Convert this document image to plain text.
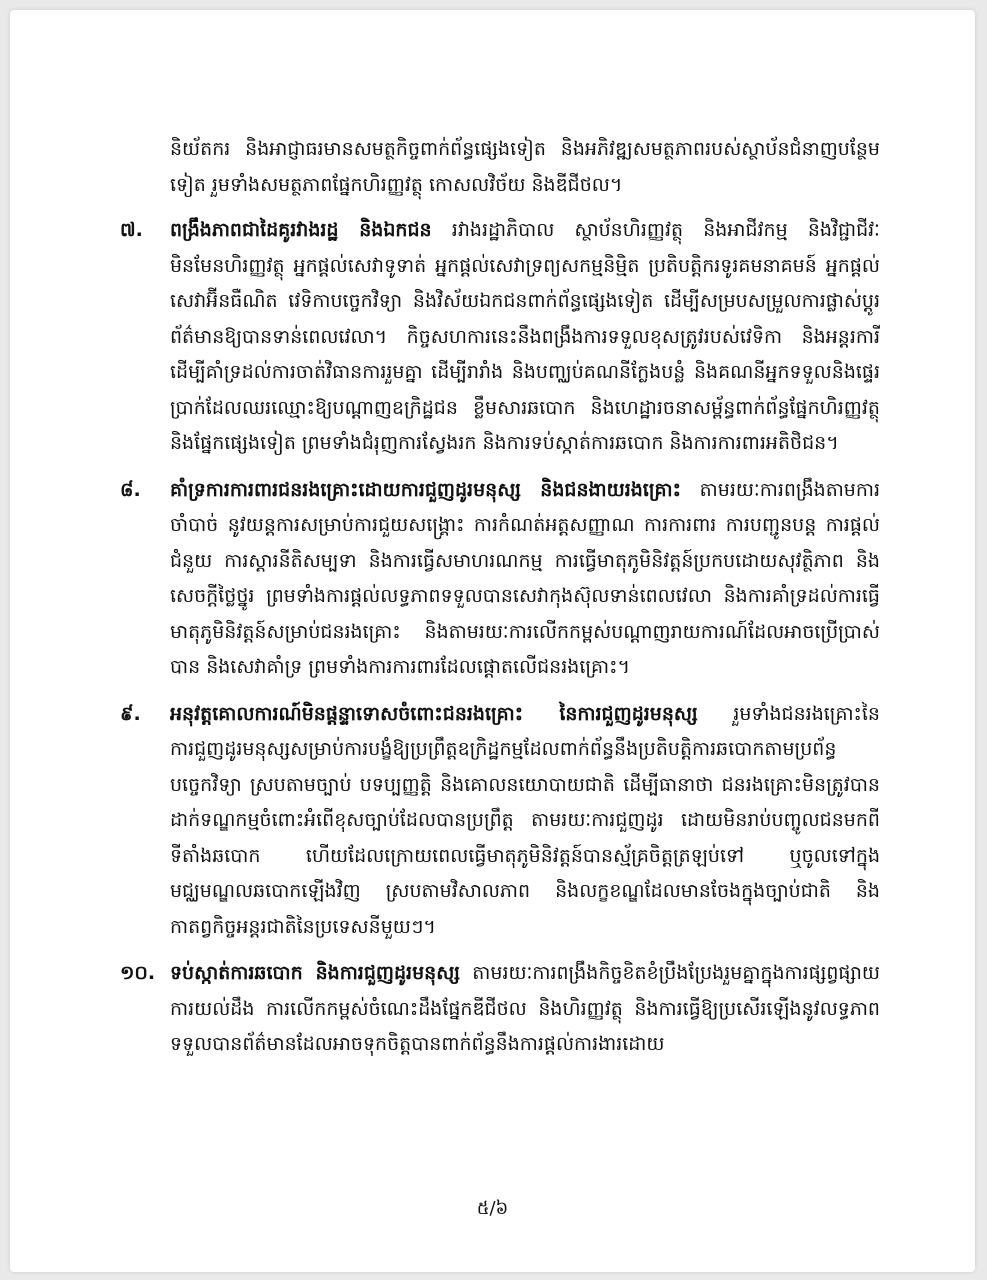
និយ័តករ និងអាជ្ញាធរមានសមត្ថកិច្ចពាក់ព័ន្ធផ្សេងទៀត និងអភិវឌ្ឍសមត្ថភាពរបស់ស្ថាប័នជំនាញបន្ថែមទៀត រួមទាំងសមត្ថភាពផ្នែកហិរញ្ញវត្ថុ កោសលវិច័យ និងឌីជីថល។

៧.	ពង្រឹងភាពជាដៃគូរវាងរដ្ឋ និងឯកជន រវាងរដ្ឋាភិបាល ស្ថាប័នហិរញ្ញវត្ថុ និងអាជីវកម្ម និងវិជ្ជាជីវៈមិនមែនហិរញ្ញវត្ថុ អ្នកផ្តល់សេវាទូទាត់ អ្នកផ្តល់សេវាទ្រព្យសកម្មនិម្មិត ប្រតិបត្តិករទូរគមនាគមន៍ អ្នកផ្តល់សេវាអ៊ីនធឺណិត វេទិកាបច្ចេកវិទ្យា និងវិស័យឯកជនពាក់ព័ន្ធផ្សេងទៀត ដើម្បីសម្របសម្រួលការផ្លាស់ប្តូរព័ត៌មានឱ្យបានទាន់ពេលវេលា។ កិច្ចសហការនេះនឹងពង្រឹងការទទួលខុសត្រូវរបស់វេទិកា និងអន្តរការី ដើម្បីគាំទ្រដល់ការចាត់វិធានការរួមគ្នា ដើម្បីរារាំង និងបញ្ឈប់គណនីក្លែងបន្លំ និងគណនីអ្នកទទួលនិងផ្ទេរប្រាក់ដែលឈរឈ្មោះឱ្យបណ្តាញឧក្រិដ្ឋជន ខ្លឹមសារឆបោក និងហេដ្ឋារចនាសម្ព័ន្ធពាក់ព័ន្ធផ្នែកហិរញ្ញវត្ថុ និងផ្នែកផ្សេងទៀត ព្រមទាំងជំរុញការស្វែងរក និងការទប់ស្កាត់ការឆបោក និងការការពារអតិថិជន។
៨.	គាំទ្រការការពារជនរងគ្រោះដោយការជួញដូរមនុស្ស និងជនងាយរងគ្រោះ តាមរយៈការពង្រឹងតាមការចាំបាច់ នូវយន្តការសម្រាប់ការជួយសង្គ្រោះ ការកំណត់អត្តសញ្ញាណ ការការពារ ការបញ្ជូនបន្ត ការផ្តល់ជំនួយ ការស្តារនីតិសម្បទា និងការធ្វើសមាហរណកម្ម ការធ្វើមាតុភូមិនិវត្តន៍ប្រកបដោយសុវត្ថិភាព និងសេចក្តីថ្លៃថ្នូរ ព្រមទាំងការផ្តល់លទ្ធភាពទទួលបានសេវាកុងស៊ុលទាន់ពេលវេលា និងការគាំទ្រដល់ការធ្វើមាតុភូមិនិវត្តន៍សម្រាប់ជនរងគ្រោះ និងតាមរយៈការលើកកម្ពស់បណ្តាញរាយការណ៍ដែលអាចប្រើប្រាស់បាន និងសេវាគាំទ្រ ព្រមទាំងការការពារដែលផ្តោតលើជនរងគ្រោះ។
៩.	អនុវត្តគោលការណ៍មិនផ្តន្ទាទោសចំពោះជនរងគ្រោះ នៃការជួញដូរមនុស្ស រួមទាំងជនរងគ្រោះនៃការជួញដូរមនុស្សសម្រាប់ការបង្ខំឱ្យប្រព្រឹត្តឧក្រិដ្ឋកម្មដែលពាក់ព័ន្ធនឹងប្រតិបត្តិការឆបោកតាមប្រព័ន្ធបច្ចេកវិទ្យា ស្របតាមច្បាប់ បទប្បញ្ញត្តិ និងគោលនយោបាយជាតិ ដើម្បីធានាថា ជនរងគ្រោះមិនត្រូវបានដាក់ទណ្ឌកម្មចំពោះអំពើខុសច្បាប់ដែលបានប្រព្រឹត្ត តាមរយៈការជួញដូរ ដោយមិនរាប់បញ្ចូលជនមកពីទីតាំងឆបោក ហើយដែលក្រោយពេលធ្វើមាតុភូមិនិវត្តន៍បានស្ម័គ្រចិត្តត្រឡប់ទៅ ឬចូលទៅក្នុងមជ្ឈមណ្ឌលឆបោកឡើងវិញ ស្របតាមវិសាលភាព និងលក្ខខណ្ឌដែលមានចែងក្នុងច្បាប់ជាតិ និងកាតព្វកិច្ចអន្តរជាតិនៃប្រទេសនីមួយៗ។
១០. ទប់ស្កាត់ការឆបោក និងការជួញដូរមនុស្ស តាមរយៈការពង្រឹងកិច្ចខិតខំប្រឹងប្រែងរួមគ្នាក្នុងការផ្សព្វផ្សាយការយល់ដឹង ការលើកកម្ពស់ចំណេះដឹងផ្នែកឌីជីថល និងហិរញ្ញវត្ថុ និងការធ្វើឱ្យប្រសើរឡើងនូវលទ្ធភាពទទួលបានព័ត៌មានដែលអាចទុកចិត្តបានពាក់ព័ន្ធនឹងការផ្តល់ការងារដោយ
៥/៦
